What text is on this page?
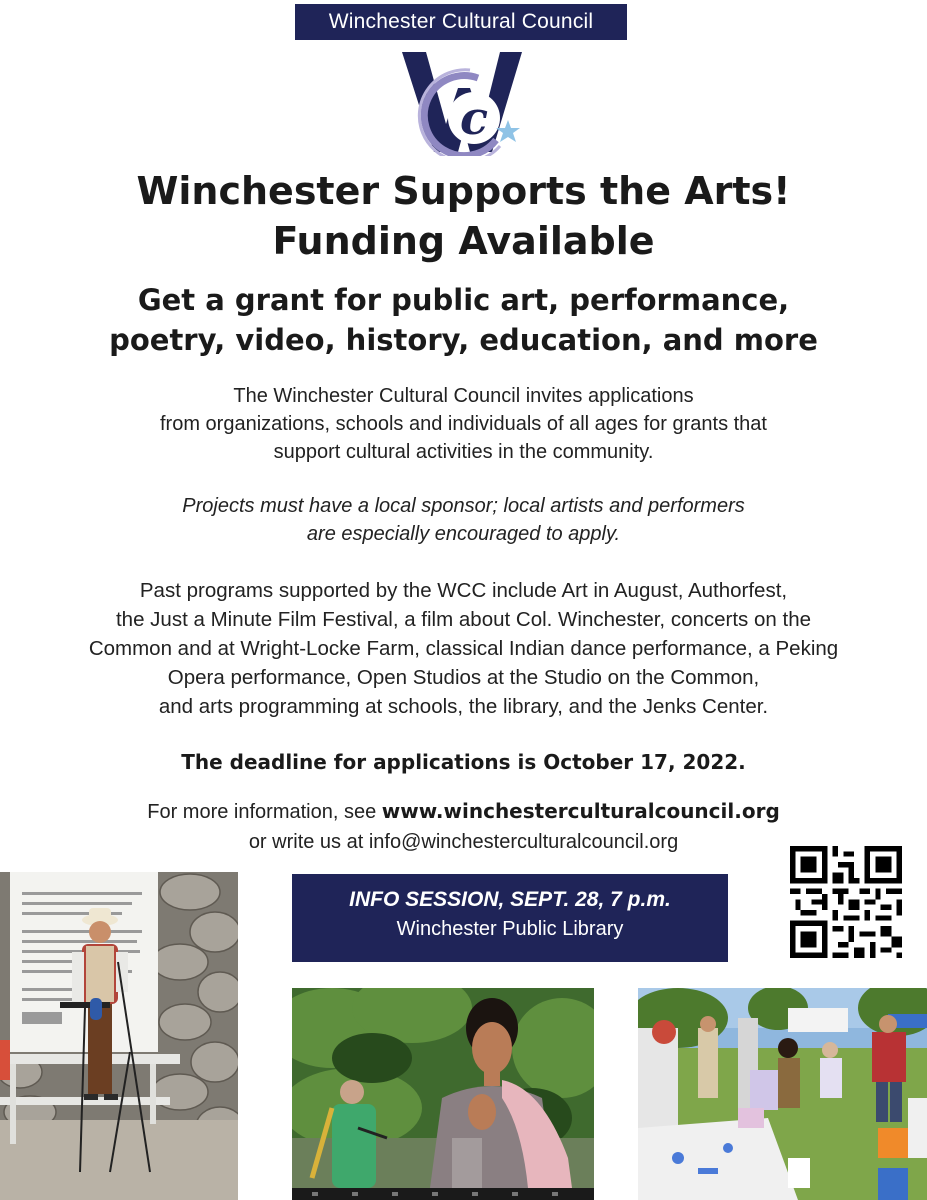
Winchester Cultural Council
c
Winchester Supports the Arts!
Funding Available
Get a grant for public art, performance,
poetry, video, history, education, and more
The Winchester Cultural Council invites applications
from organizations, schools and individuals of all ages for grants that
support cultural activities in the community.
Projects must have a local sponsor; local artists and performers
are especially encouraged to apply.
Past programs supported by the WCC include Art in August, Authorfest,
the Just a Minute Film Festival, a film about Col. Winchester, concerts on the
Common and at Wright-Locke Farm, classical Indian dance performance, a Peking
Opera performance, Open Studios at the Studio on the Common,
and arts programming at schools, the library, and the Jenks Center.
The deadline for applications is October 17, 2022.
For more information, see www.winchesterculturalcouncil.org
or write us at info@winchesterculturalcouncil.org
INFO SESSION, SEPT. 28, 7 p.m.
Winchester Public Library
